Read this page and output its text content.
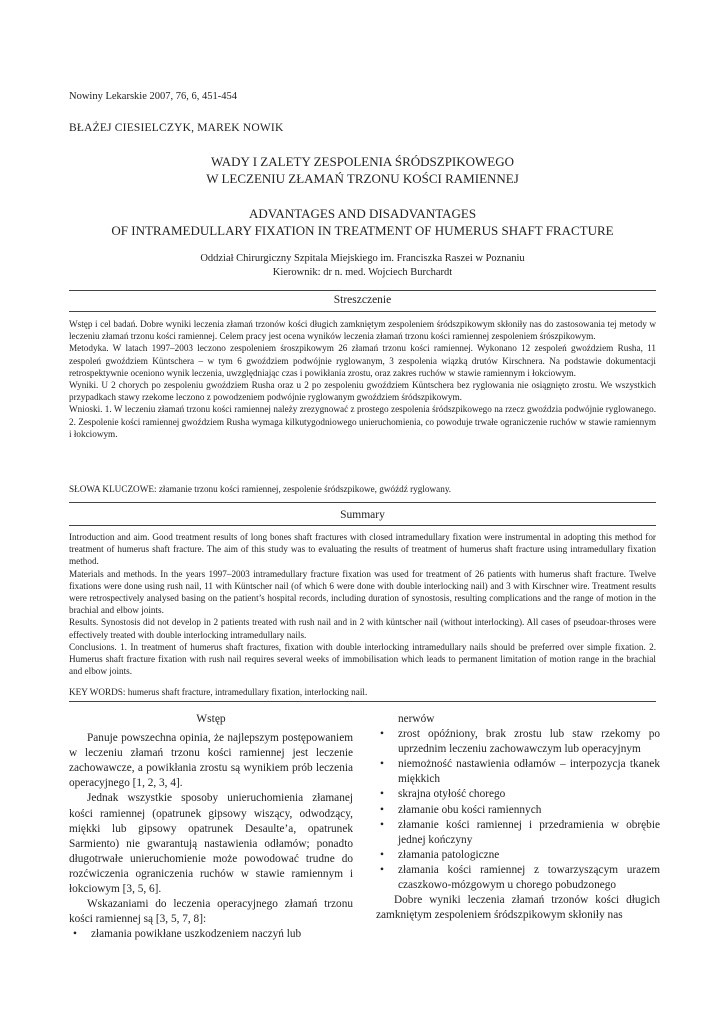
Nowiny Lekarskie 2007, 76, 6, 451-454
BŁAŻEJ CIESIELCZYK, MAREK NOWIK
WADY I ZALETY ZESPOLENIA ŚRÓDSZPIKOWEGO
W LECZENIU ZŁAMAŃ TRZONU KOŚCI RAMIENNEJ
ADVANTAGES AND DISADVANTAGES
OF INTRAMEDULLARY FIXATION IN TREATMENT OF HUMERUS SHAFT FRACTURE
Oddział Chirurgiczny Szpitala Miejskiego im. Franciszka Raszei w Poznaniu
Kierownik: dr n. med. Wojciech Burchardt
Streszczenie

Wstęp i cel badań. Dobre wyniki leczenia złamań trzonów kości długich zamkniętym zespoleniem śródszpikowym skłoniły nas do zastosowania tej metody w leczeniu złamań trzonu kości ramiennej. Celem pracy jest ocena wyników leczenia złamań trzonu kości ramiennej zespoleniem śrószpikowym.

Metodyka. W latach 1997–2003 leczono zespoleniem śroszpikowym 26 złamań trzonu kości ramiennej. Wykonano 12 zespoleń gwoździem Rusha, 11 zespoleń gwoździem Küntschera – w tym 6 gwoździem podwójnie ryglowanym, 3 zespolenia wiązką drutów Kirschnera. Na podstawie dokumentacji retrospektywnie oceniono wynik leczenia, uwzględniając czas i powikłania zrostu, oraz zakres ruchów w stawie ramiennym i łokciowym.

Wyniki. U 2 chorych po zespoleniu gwoździem Rusha oraz u 2 po zespoleniu gwoździem Küntschera bez ryglowania nie osiągnięto zrostu. We wszystkich przypadkach stawy rzekome leczono z powodzeniem podwójnie ryglowanym gwoździem śródszpikowym.

Wnioski. 1. W leczeniu złamań trzonu kości ramiennej należy zrezygnować z prostego zespolenia śródszpikowego na rzecz gwoździa podwójnie ryglowanego. 2. Zespolenie kości ramiennej gwoździem Rusha wymaga kilkutygodniowego unieruchomienia, co powoduje trwałe ograniczenie ruchów w stawie ramiennym i łokciowym.

SŁOWA KLUCZOWE: złamanie trzonu kości ramiennej, zespolenie śródszpikowe, gwóźdź ryglowany.
Summary

Introduction and aim. Good treatment results of long bones shaft fractures with closed intramedullary fixation were instrumental in adopting this method for treatment of humerus shaft fracture. The aim of this study was to evaluating the results of treatment of humerus shaft fracture using intramedullary fixation method.

Materials and methods. In the years 1997–2003 intramedullary fracture fixation was used for treatment of 26 patients with humerus shaft fracture. Twelve fixations were done using rush nail, 11 with Küntscher nail (of which 6 were done with double interlocking nail) and 3 with Kirschner wire. Treatment results were retrospectively analysed basing on the patient’s hospital records, including duration of synostosis, resulting complications and the range of motion in the brachial and elbow joints.

Results. Synostosis did not develop in 2 patients treated with rush nail and in 2 with küntscher nail (without interlocking). All cases of pseudoar-throses were effectively treated with double interlocking intramedullary nails.

Conclusions. 1. In treatment of humerus shaft fractures, fixation with double interlocking intramedullary nails should be preferred over simple fixation. 2. Humerus shaft fracture fixation with rush nail requires several weeks of immobilisation which leads to permanent limitation of motion range in the brachial and elbow joints.

KEY WORDS: humerus shaft fracture, intramedullary fixation, interlocking nail.
Wstęp

Panuje powszechna opinia, że najlepszym postępowaniem w leczeniu złamań trzonu kości ramiennej jest leczenie zachowawcze, a powikłania zrostu są wynikiem prób leczenia operacyjnego [1, 2, 3, 4].

Jednak wszystkie sposoby unieruchomienia złamanej kości ramiennej (opatrunek gipsowy wiszący, odwodzący, miękki lub gipsowy opatrunek Desaulte’a, opatrunek Sarmiento) nie gwarantują nastawienia odłamów; ponadto długotrwałe unieruchomienie może powodować trudne do rozćwiczenia ograniczenia ruchów w stawie ramiennym i łokciowym [3, 5, 6].

Wskazaniami do leczenia operacyjnego złamań trzonu kości ramiennej są [3, 5, 7, 8]:

• złamania powikłane uszkodzeniem naczyń lub
nerwów
• zrost opóźniony, brak zrostu lub staw rzekomy po uprzednim leczeniu zachowawczym lub operacyjnym
• niemożność nastawienia odłamów – interpozycja tkanek miękkich
• skrajna otyłość chorego
• złamanie obu kości ramiennych
• złamanie kości ramiennej i przedramienia w obrębie jednej kończyny
• złamania patologiczne
• złamania kości ramiennej z towarzyszącym urazem czaszkowo-mózgowym u chorego pobudzonego

Dobre wyniki leczenia złamań trzonów kości długich zamkniętym zespoleniem śródszpikowym skłoniły nas
